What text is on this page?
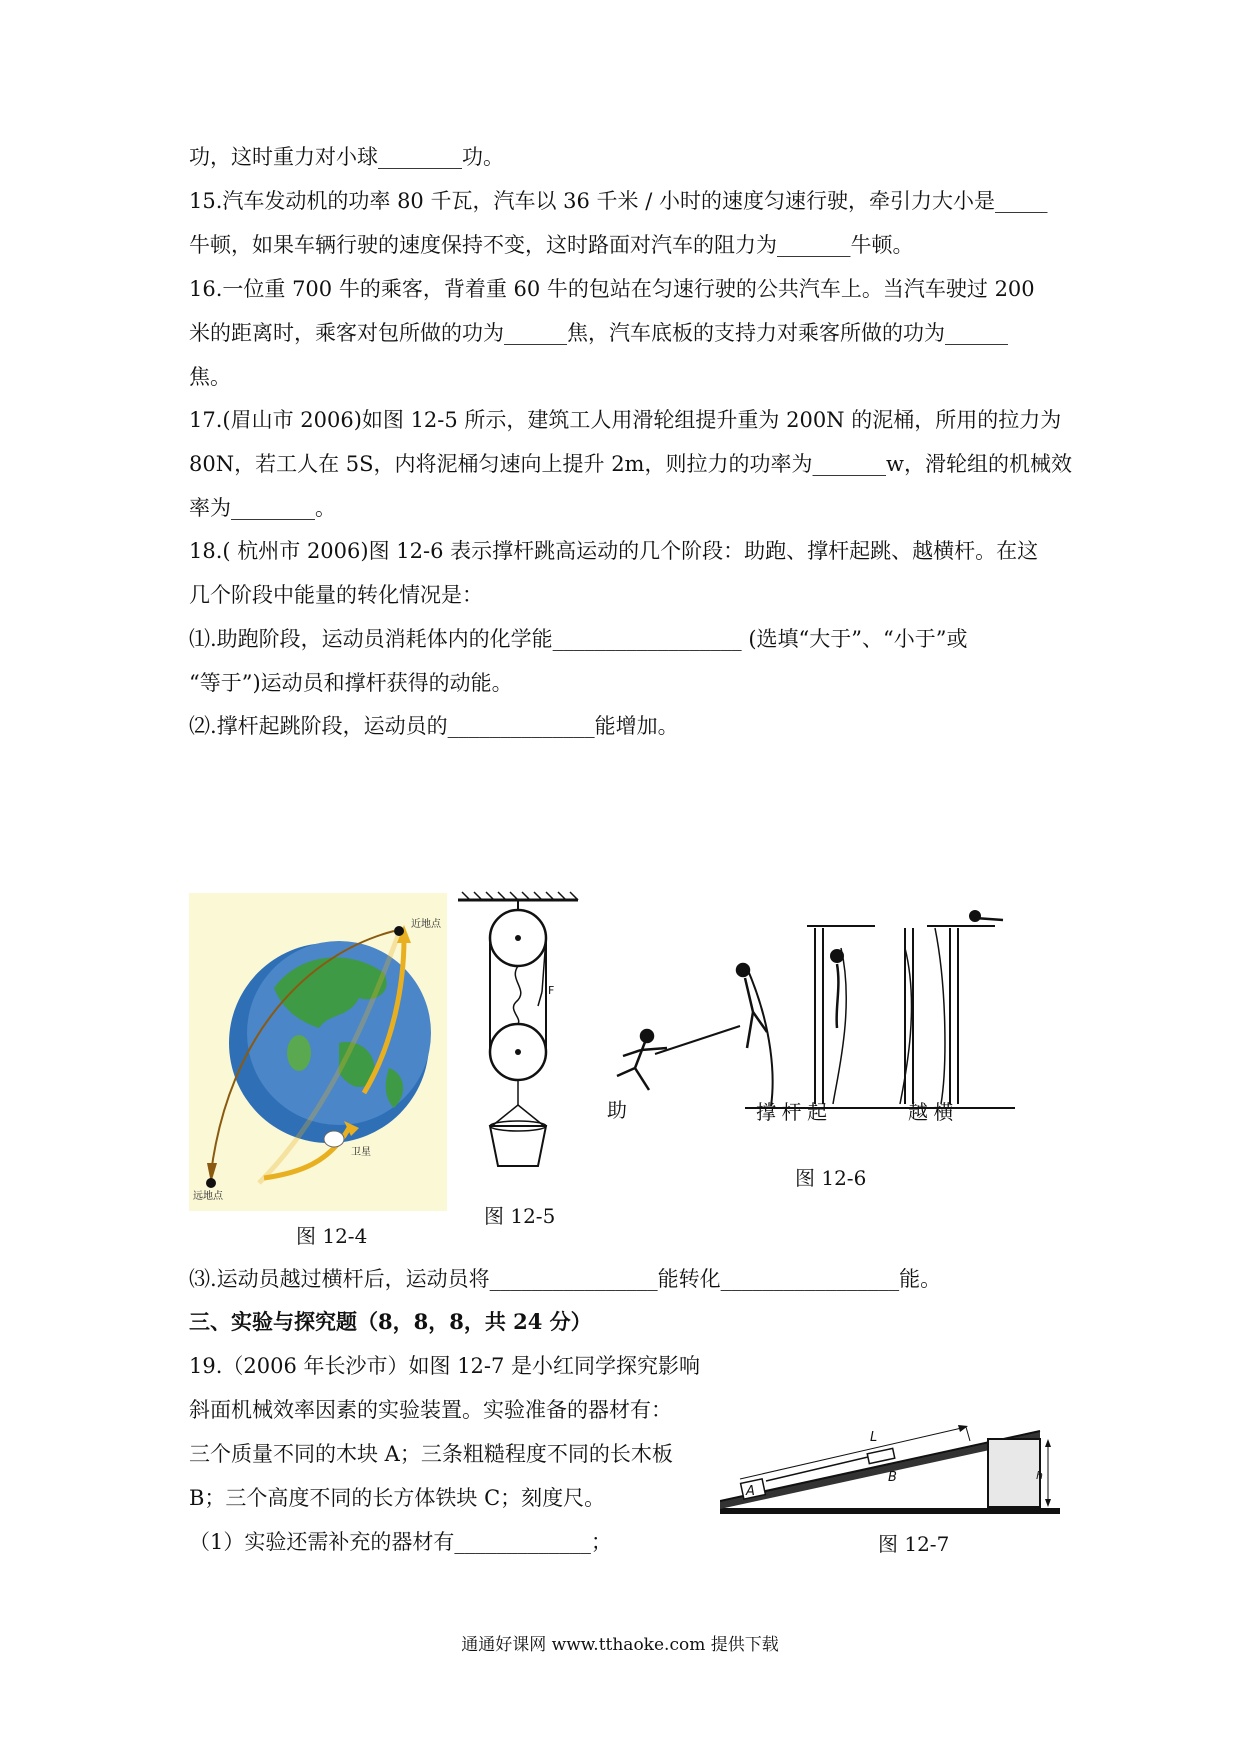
功，这时重力对小球________功。
15.汽车发动机的功率 80 千瓦，汽车以 36 千米 / 小时的速度匀速行驶，牵引力大小是_____
牛顿，如果车辆行驶的速度保持不变，这时路面对汽车的阻力为_______牛顿。
16.一位重 700 牛的乘客，背着重 60 牛的包站在匀速行驶的公共汽车上。当汽车驶过 200
米的距离时，乘客对包所做的功为______焦，汽车底板的支持力对乘客所做的功为______
焦。
17.(眉山市 2006)如图 12-5 所示，建筑工人用滑轮组提升重为 200N 的泥桶，所用的拉力为
80N，若工人在 5S，内将泥桶匀速向上提升 2m，则拉力的功率为_______w，滑轮组的机械效
率为________。
18.( 杭州市 2006)图 12-6 表示撑杆跳高运动的几个阶段：助跑、撑杆起跳、越横杆。在这
几个阶段中能量的转化情况是：
⑴.助跑阶段，运动员消耗体内的化学能__________________ (选填“大于”、“小于”或
“等于”)运动员和撑杆获得的动能。
⑵.撑杆起跳阶段，运动员的______________能增加。
近地点
远地点
卫星
图 12-4
F
图 12-5
助	撑 杆 起	越 横
图 12-6
⑶.运动员越过横杆后，运动员将________________能转化_________________能。
三、实验与探究题（8，8，8，共 24 分）
19.（2006 年长沙市）如图 12-7 是小红同学探究影响
斜面机械效率因素的实验装置。实验准备的器材有：
三个质量不同的木块 A；三条粗糙程度不同的长木板
B；三个高度不同的长方体铁块 C；刻度尺。
（1）实验还需补充的器材有_____________；
h
A
B
L
图 12-7
通通好课网 www.tthaoke.com 提供下载
